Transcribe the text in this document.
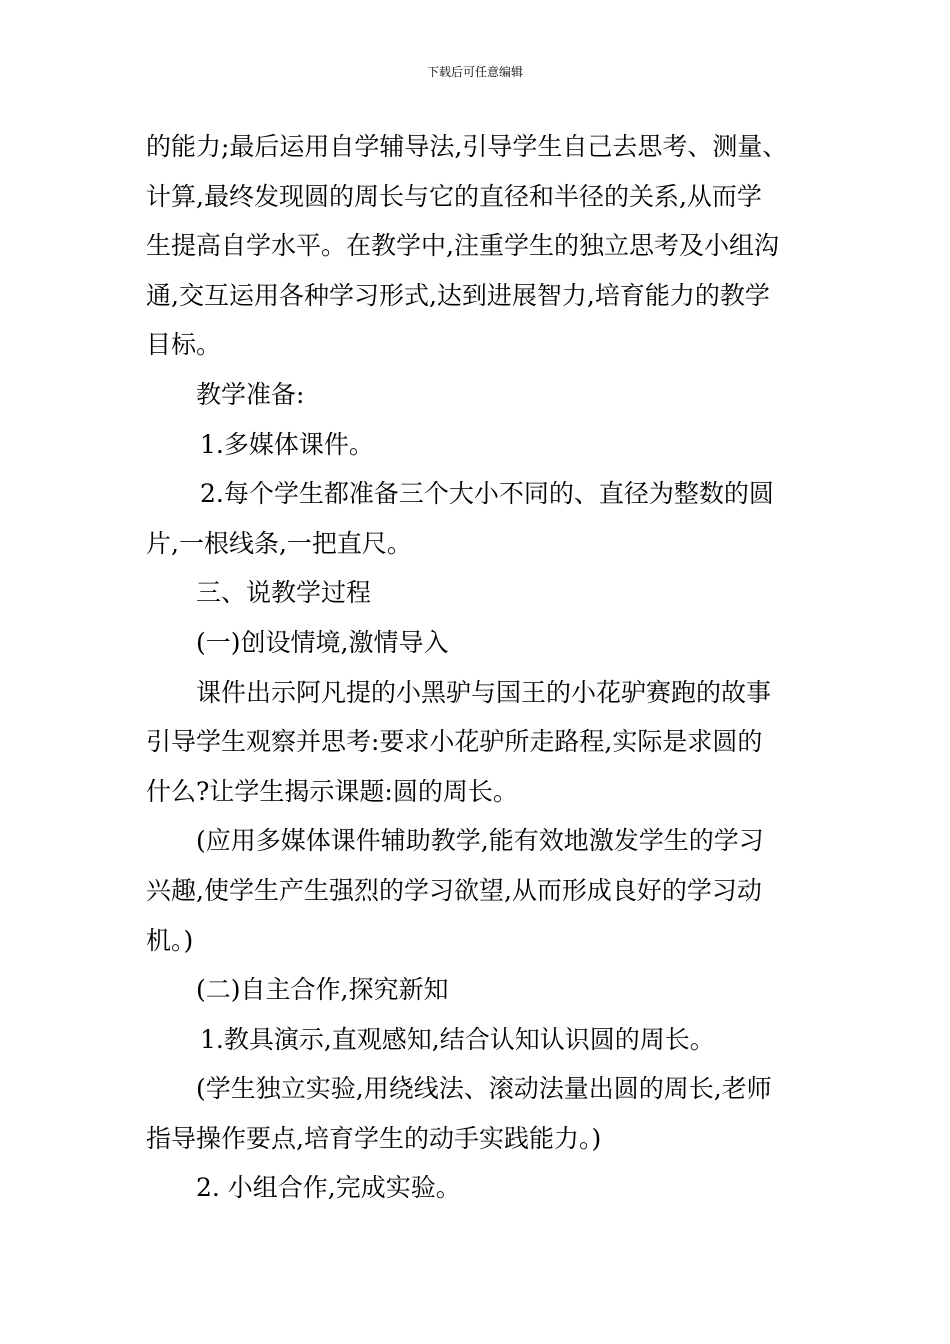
下载后可任意编辑
的能力;最后运用自学辅导法,引导学生自己去思考、测量、
计算,最终发现圆的周长与它的直径和半径的关系,从而学
生提高自学水平。在教学中,注重学生的独立思考及小组沟
通,交互运用各种学习形式,达到进展智力,培育能力的教学
目标。
教学准备:
1.多媒体课件。
2.每个学生都准备三个大小不同的、直径为整数的圆
片,一根线条,一把直尺。
三、说教学过程
(一)创设情境,激情导入
课件出示阿凡提的小黑驴与国王的小花驴赛跑的故事
引导学生观察并思考:要求小花驴所走路程,实际是求圆的
什么?让学生揭示课题:圆的周长。
(应用多媒体课件辅助教学,能有效地激发学生的学习
兴趣,使学生产生强烈的学习欲望,从而形成良好的学习动
机。)
(二)自主合作,探究新知
1.教具演示,直观感知,结合认知认识圆的周长。
(学生独立实验,用绕线法、滚动法量出圆的周长,老师
指导操作要点,培育学生的动手实践能力。)
2. 小组合作,完成实验。
